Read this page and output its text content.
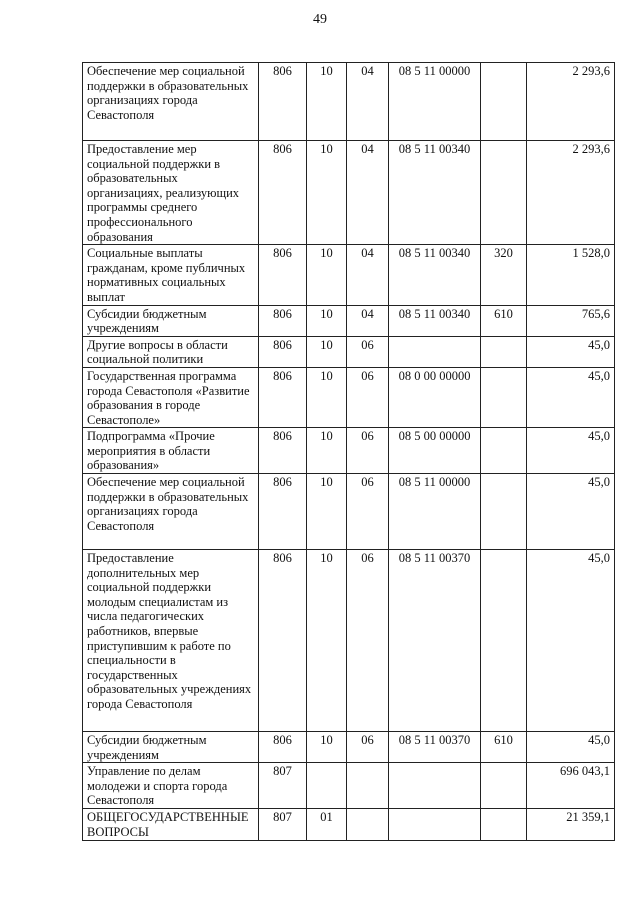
49
Обеспечение мер социальной поддержки в образовательных организациях города Севастополя	806	10	04	08 5 11 00000		2 293,6
Предоставление мер социальной поддержки в образовательных организациях, реализующих программы среднего профессионального образования	806	10	04	08 5 11 00340		2 293,6
Социальные выплаты гражданам, кроме публичных нормативных социальных выплат	806	10	04	08 5 11 00340	320	1 528,0
Субсидии бюджетным учреждениям	806	10	04	08 5 11 00340	610	765,6
Другие вопросы в области социальной политики	806	10	06			45,0
Государственная программа города Севастополя «Развитие образования в городе Севастополе»	806	10	06	08 0 00 00000		45,0
Подпрограмма «Прочие мероприятия в области образования»	806	10	06	08 5 00 00000		45,0
Обеспечение мер социальной поддержки в образовательных организациях города Севастополя	806	10	06	08 5 11 00000		45,0
Предоставление дополнительных мер социальной поддержки молодым специалистам из числа педагогических работников, впервые приступившим к работе по специальности в государственных образовательных учреждениях города Севастополя	806	10	06	08 5 11 00370		45,0
Субсидии бюджетным учреждениям	806	10	06	08 5 11 00370	610	45,0
Управление по делам молодежи и спорта города Севастополя	807					696 043,1
ОБЩЕГОСУДАРСТВЕННЫЕ ВОПРОСЫ	807	01				21 359,1
